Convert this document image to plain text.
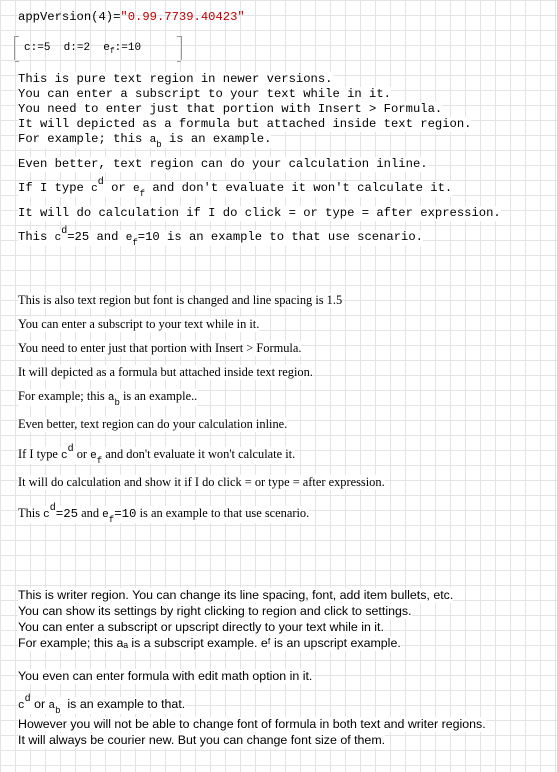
appVersion(4)="0.99.7739.40423"
c:=5 d:=2 $e_f:=10$
This is pure text region in newer versions.
You can enter a subscript to your text while in it.
You need to enter just that portion with Insert > Formula.
It will depicted as a formula but attached inside text region.
For example; this $a_b$ is an example.
Even better, text region can do your calculation inline.
If I type $c^d$ or $e_f$ and don't evaluate it won't calculate it.
It will do calculation if I do click = or type = after expression.
This $c^d=25$ and $e_f=10$ is an example to that use scenario.
This is also text region but font is changed and line spacing is 1.5
You can enter a subscript to your text while in it.
You need to enter just that portion with Insert > Formula.
It will depicted as a formula but attached inside text region.
For example; this $a_b$ is an example..
Even better, text region can do your calculation inline.
If I type $c^d$ or $e_f$ and don't evaluate it won't calculate it.
It will do calculation and show it if I do click = or type = after expression.
This $c^d=25$ and $e_f=10$ is an example to that use scenario.
This is writer region. You can change its line spacing, font, add item bullets, etc.
You can show its settings by right clicking to region and click to settings.
You can enter a subscript or upscript directly to your text while in it.
For example; this aₐ is a subscript example. eᶠ is an upscript example.
You even can enter formula with edit math option in it.
$c^d$ or $a_b$  is an example to that.
However you will not be able to change font of formula in both text and writer regions.
It will always be courier new. But you can change font size of them.
